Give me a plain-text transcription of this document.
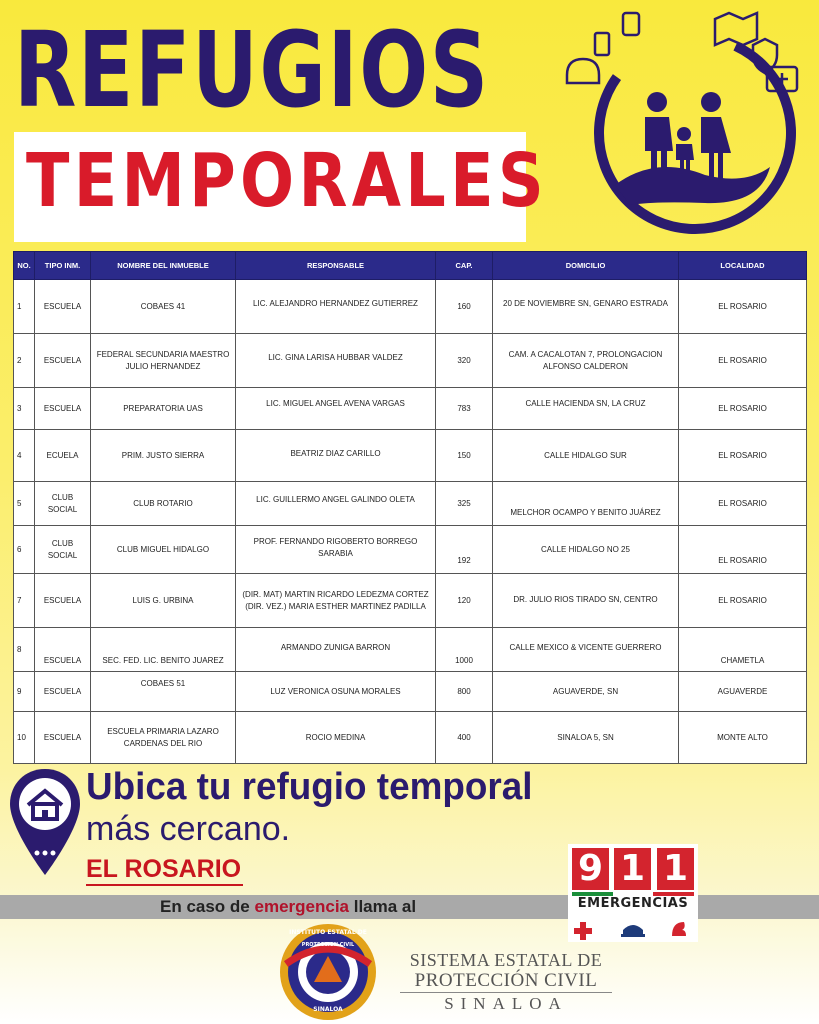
REFUGIOS
TEMPORALES
NO.	TIPO INM.	NOMBRE DEL INMUEBLE	RESPONSABLE	CAP.	DOMICILIO	LOCALIDAD
1	ESCUELA	COBAES 41	LIC. ALEJANDRO HERNANDEZ GUTIERREZ	160	20 DE NOVIEMBRE SN, GENARO ESTRADA	EL ROSARIO
2	ESCUELA	FEDERAL SECUNDARIA MAESTRO JULIO HERNANDEZ	LIC. GINA LARISA HUBBAR VALDEZ	320	CAM. A CACALOTAN 7, PROLONGACION ALFONSO CALDERON	EL ROSARIO
3	ESCUELA	PREPARATORIA UAS	LIC. MIGUEL ANGEL AVENA VARGAS	783	CALLE HACIENDA SN, LA CRUZ	EL ROSARIO
4	ECUELA	PRIM. JUSTO SIERRA	BEATRIZ DIAZ CARILLO	150	CALLE HIDALGO SUR	EL ROSARIO
5	CLUB SOCIAL	CLUB ROTARIO	LIC. GUILLERMO ANGEL GALINDO OLETA	325	MELCHOR OCAMPO Y BENITO JUÁREZ	EL ROSARIO
6	CLUB SOCIAL	CLUB MIGUEL HIDALGO	PROF. FERNANDO RIGOBERTO BORREGO SARABIA	192	CALLE HIDALGO NO 25	EL ROSARIO
7	ESCUELA	LUIS G. URBINA	(DIR. MAT) MARTIN RICARDO LEDEZMA CORTEZ (DIR. VEZ.) MARIA ESTHER MARTINEZ PADILLA	120	DR. JULIO RIOS TIRADO SN, CENTRO	EL ROSARIO
8	ESCUELA	SEC. FED. LIC. BENITO JUAREZ	ARMANDO ZUNIGA BARRON	1000	CALLE MEXICO & VICENTE GUERRERO	CHAMETLA
9	ESCUELA	COBAES 51	LUZ VERONICA OSUNA MORALES	800	AGUAVERDE, SN	AGUAVERDE
10	ESCUELA	ESCUELA PRIMARIA LAZARO CARDENAS DEL RIO	ROCIO MEDINA	400	SINALOA 5, SN	MONTE ALTO
Ubica tu refugio temporal
más cercano.
EL ROSARIO
En caso de emergencia llama al
9 1 1
EMERGENCIAS
INSTITUTO ESTATAL DE
PROTECCION CIVIL
SINALOA
SISTEMA ESTATAL DE
PROTECCIÓN CIVIL
SINALOA
